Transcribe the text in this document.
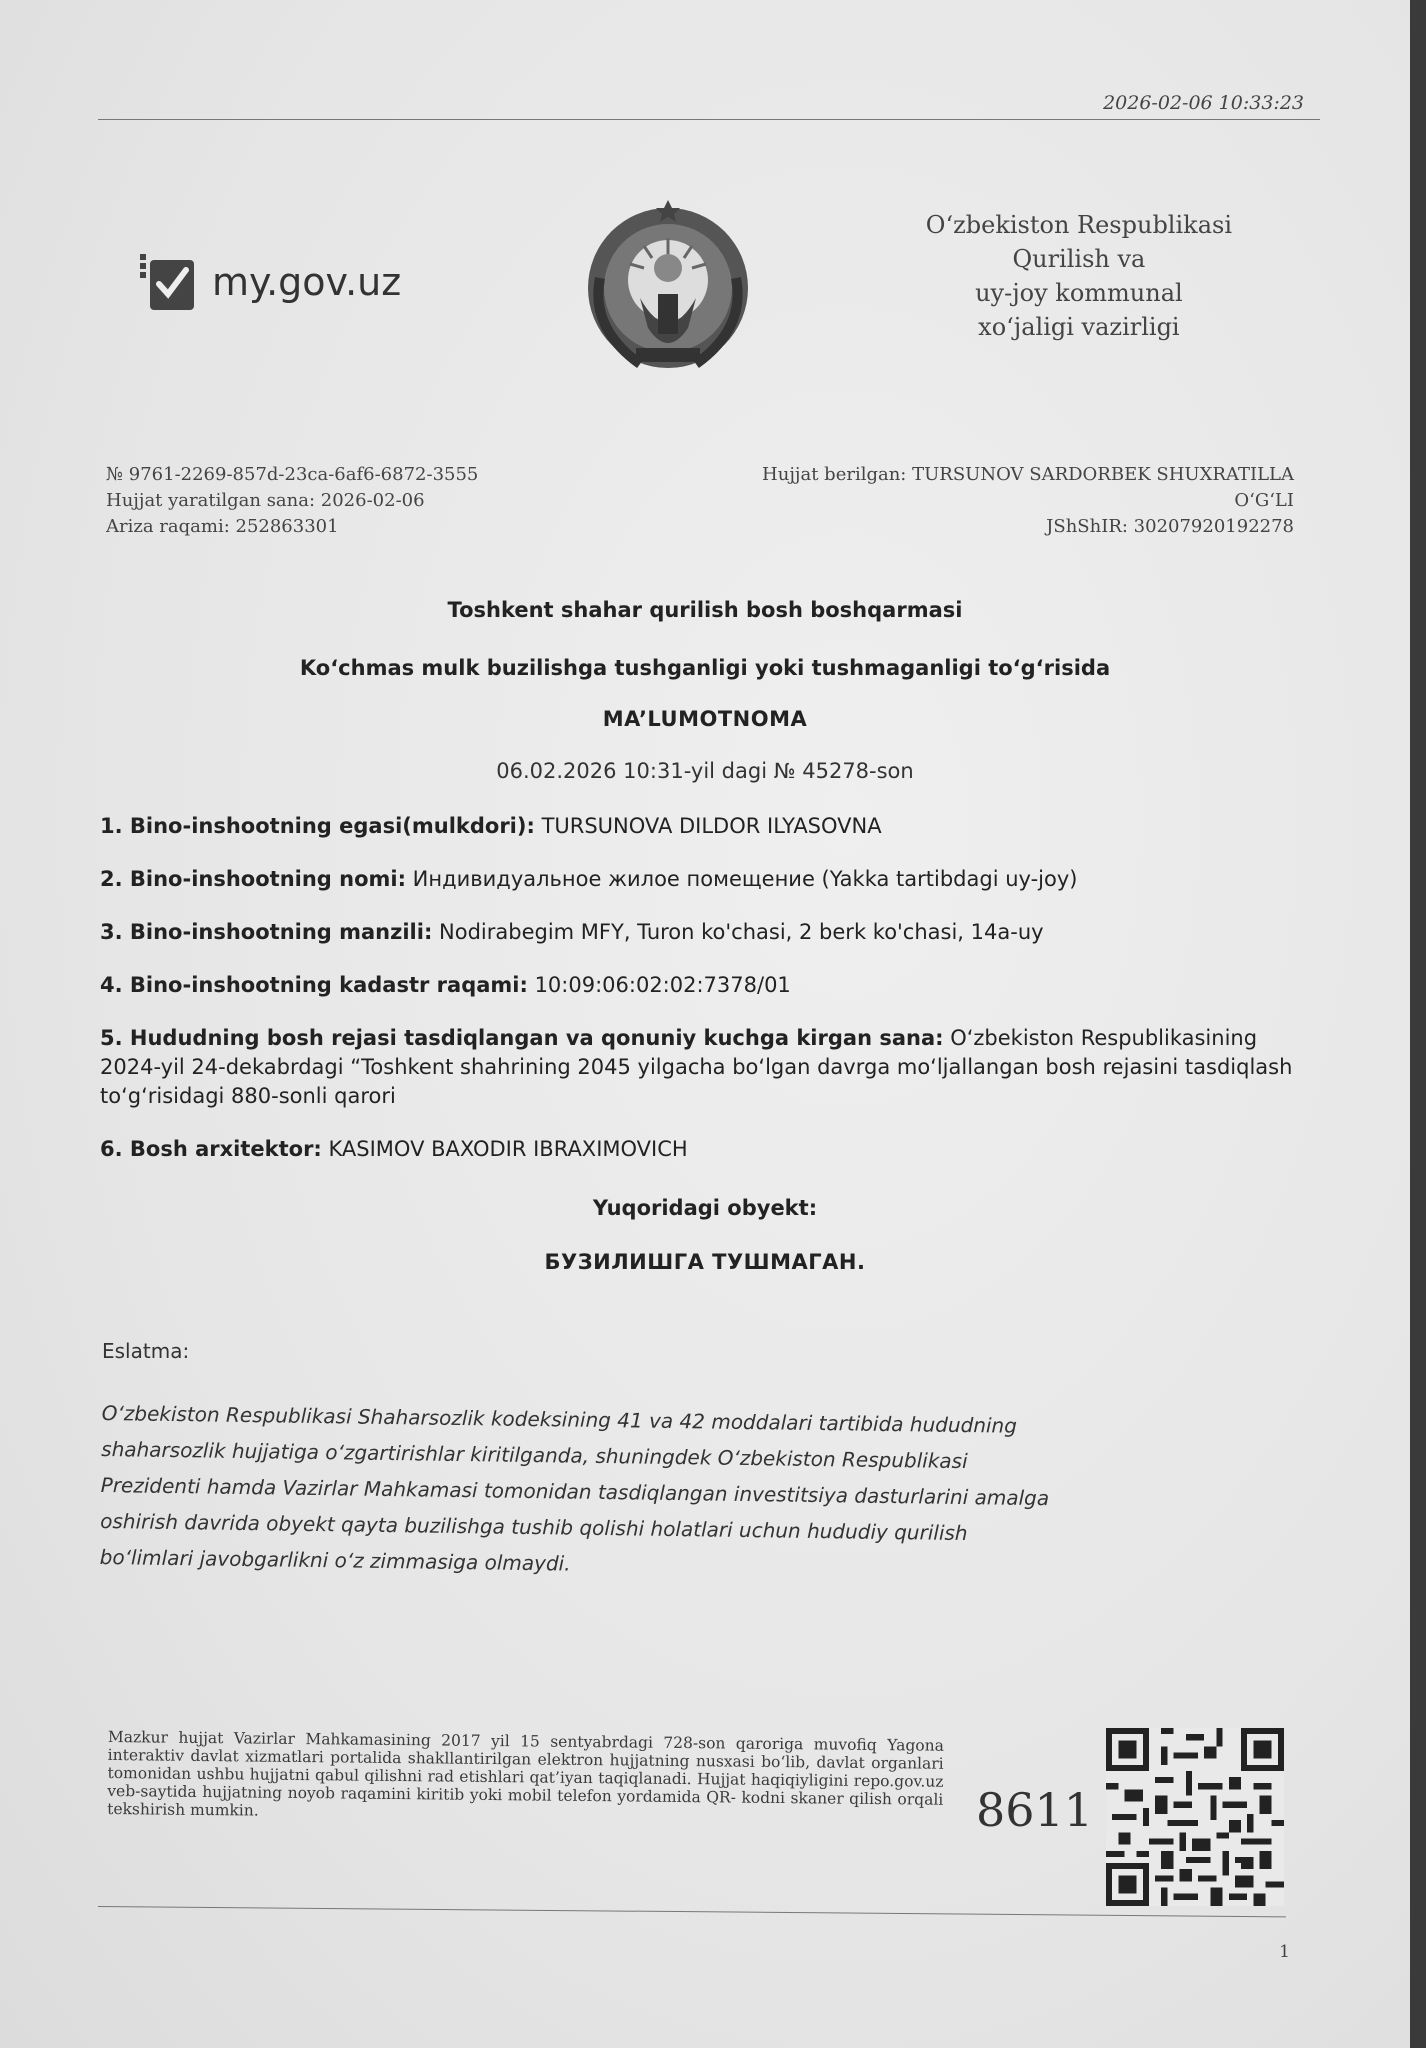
2026-02-06 10:33:23
my.gov.uz
O‘zbekiston Respublikasi
Qurilish va
uy-joy kommunal
xo‘jaligi vazirligi
№ 9761-2269-857d-23ca-6af6-6872-3555
Hujjat yaratilgan sana: 2026-02-06
Ariza raqami: 252863301
Hujjat berilgan: TURSUNOV SARDORBEK SHUXRATILLA
O‘G‘LI
JShShIR: 30207920192278
Toshkent shahar qurilish bosh boshqarmasi
Ko‘chmas mulk buzilishga tushganligi yoki tushmaganligi to‘g‘risida
MA’LUMOTNOMA
06.02.2026 10:31-yil dagi № 45278-son
1. Bino-inshootning egasi(mulkdori): TURSUNOVA DILDOR ILYASOVNA
2. Bino-inshootning nomi: Индивидуальное жилое помещение (Yakka tartibdagi uy-joy)
3. Bino-inshootning manzili: Nodirabegim MFY, Turon ko'chasi, 2 berk ko'chasi, 14a-uy
4. Bino-inshootning kadastr raqami: 10:09:06:02:02:7378/01
5. Hududning bosh rejasi tasdiqlangan va qonuniy kuchga kirgan sana: O‘zbekiston Respublikasining 2024-yil 24-dekabrdagi “Toshkent shahrining 2045 yilgacha bo‘lgan davrga mo‘ljallangan bosh rejasini tasdiqlash to‘g‘risidagi 880-sonli qarori
6. Bosh arxitektor: KASIMOV BAXODIR IBRAXIMOVICH
Yuqoridagi obyekt:
БУЗИЛИШГА ТУШМАГАН.
Eslatma:
O‘zbekiston Respublikasi Shaharsozlik kodeksining 41 va 42 moddalari tartibida hududning shaharsozlik hujjatiga o‘zgartirishlar kiritilganda, shuningdek O‘zbekiston Respublikasi Prezidenti hamda Vazirlar Mahkamasi tomonidan tasdiqlangan investitsiya dasturlarini amalga oshirish davrida obyekt qayta buzilishga tushib qolishi holatlari uchun hududiy qurilish bo‘limlari javobgarlikni o‘z zimmasiga olmaydi.
Mazkur hujjat Vazirlar Mahkamasining 2017 yil 15 sentyabrdagi 728-son qaroriga muvofiq Yagona interaktiv davlat xizmatlari portalida shakllantirilgan elektron hujjatning nusxasi bo‘lib, davlat organlari tomonidan ushbu hujjatni qabul qilishni rad etishlari qat’iyan taqiqlanadi. Hujjat haqiqiyligini repo.gov.uz veb-saytida hujjatning noyob raqamini kiritib yoki mobil telefon yordamida QR- kodni skaner qilish orqali tekshirish mumkin.	8611
1
